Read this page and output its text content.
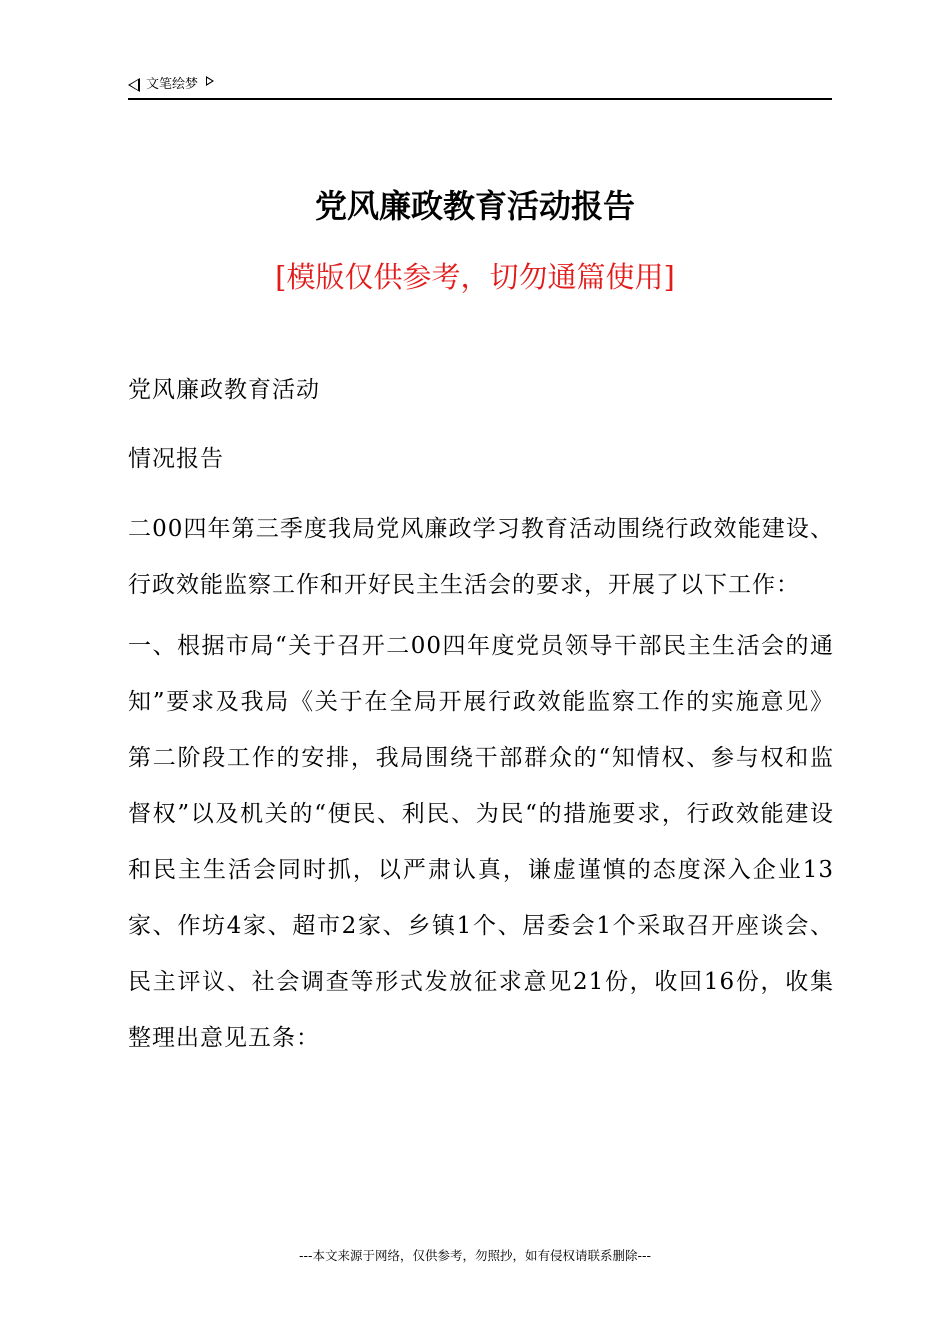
文笔绘梦
党风廉政教育活动报告
[模版仅供参考，切勿通篇使用]

党风廉政教育活动

情况报告

二00四年第三季度我局党风廉政学习教育活动围绕行政效能建设、行政效能监察工作和开好民主生活会的要求，开展了以下工作：

一、根据市局“关于召开二00四年度党员领导干部民主生活会的通知”要求及我局《关于在全局开展行政效能监察工作的实施意见》第二阶段工作的安排，我局围绕干部群众的“知情权、参与权和监督权”以及机关的“便民、利民、为民“的措施要求，行政效能建设和民主生活会同时抓，以严肃认真，谦虚谨慎的态度深入企业13家、作坊4家、超市2家、乡镇1个、居委会1个采取召开座谈会、民主评议、社会调查等形式发放征求意见21份，收回16份，收集整理出意见五条：

---本文来源于网络，仅供参考，勿照抄，如有侵权请联系删除---
